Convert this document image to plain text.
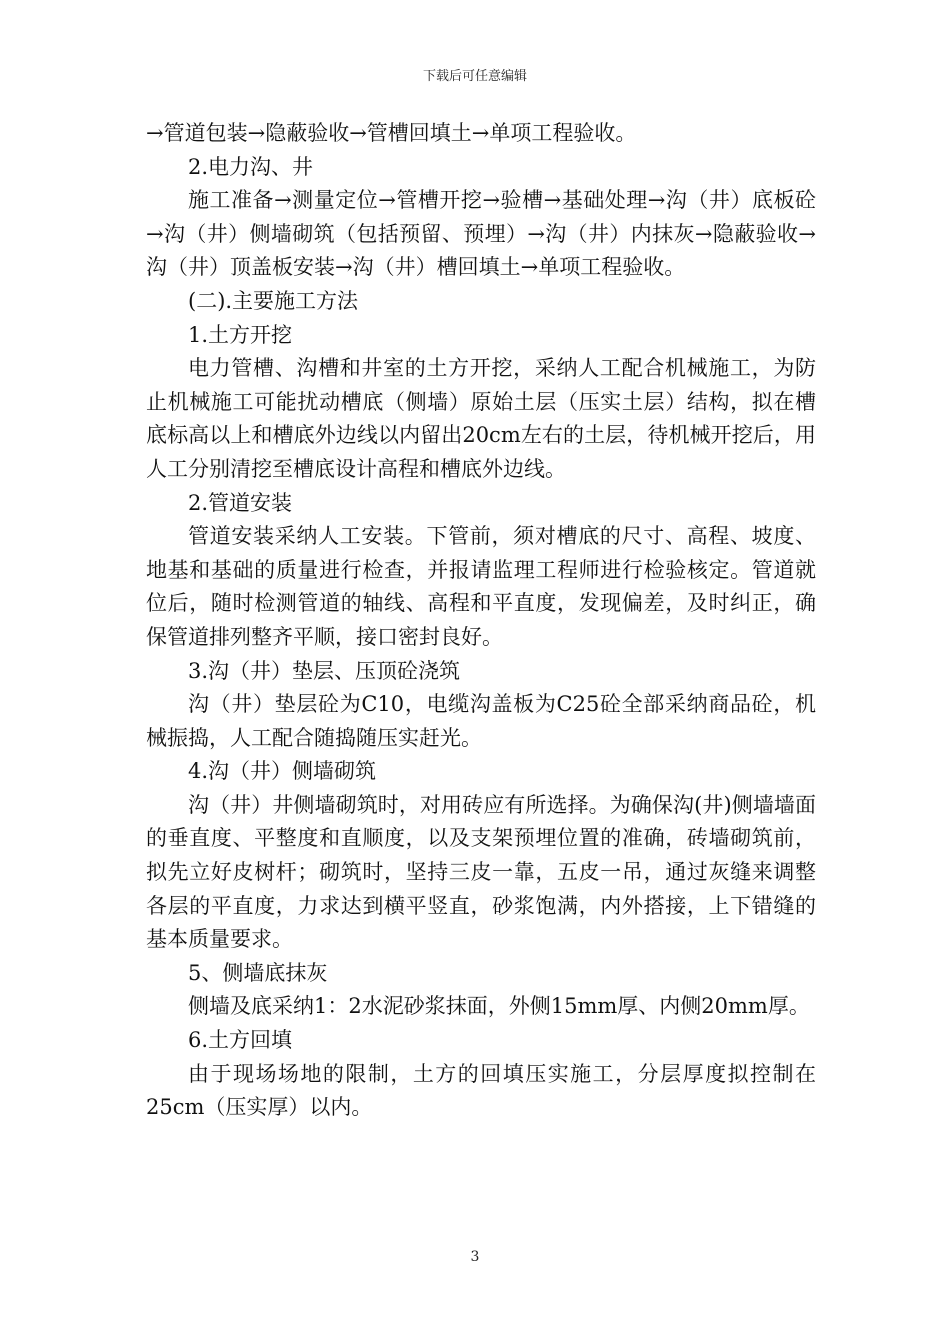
下载后可任意编辑

→管道包装→隐蔽验收→管槽回填土→单项工程验收。

2.电力沟、井

施工准备→测量定位→管槽开挖→验槽→基础处理→沟（井）底板砼→沟（井）侧墙砌筑（包括预留、预埋）→沟（井）内抹灰→隐蔽验收→沟（井）顶盖板安装→沟（井）槽回填土→单项工程验收。

(二).主要施工方法

1.土方开挖

电力管槽、沟槽和井室的土方开挖，采纳人工配合机械施工，为防止机械施工可能扰动槽底（侧墙）原始土层（压实土层）结构，拟在槽底标高以上和槽底外边线以内留出20cm左右的土层，待机械开挖后，用人工分别清挖至槽底设计高程和槽底外边线。

2.管道安装

管道安装采纳人工安装。下管前，须对槽底的尺寸、高程、坡度、地基和基础的质量进行检查，并报请监理工程师进行检验核定。管道就位后，随时检测管道的轴线、高程和平直度，发现偏差，及时纠正，确保管道排列整齐平顺，接口密封良好。

3.沟（井）垫层、压顶砼浇筑

沟（井）垫层砼为C10，电缆沟盖板为C25砼全部采纳商品砼，机械振捣，人工配合随捣随压实赶光。

4.沟（井）侧墙砌筑

沟（井）井侧墙砌筑时，对用砖应有所选择。为确保沟(井)侧墙墙面的垂直度、平整度和直顺度，以及支架预埋位置的准确，砖墙砌筑前，拟先立好皮树杆；砌筑时，坚持三皮一靠，五皮一吊，通过灰缝来调整各层的平直度，力求达到横平竖直，砂浆饱满，内外搭接，上下错缝的基本质量要求。

5、侧墙底抹灰

侧墙及底采纳1：2水泥砂浆抹面，外侧15mm厚、内侧20mm厚。

6.土方回填

由于现场场地的限制，土方的回填压实施工，分层厚度拟控制在25cm（压实厚）以内。

3
